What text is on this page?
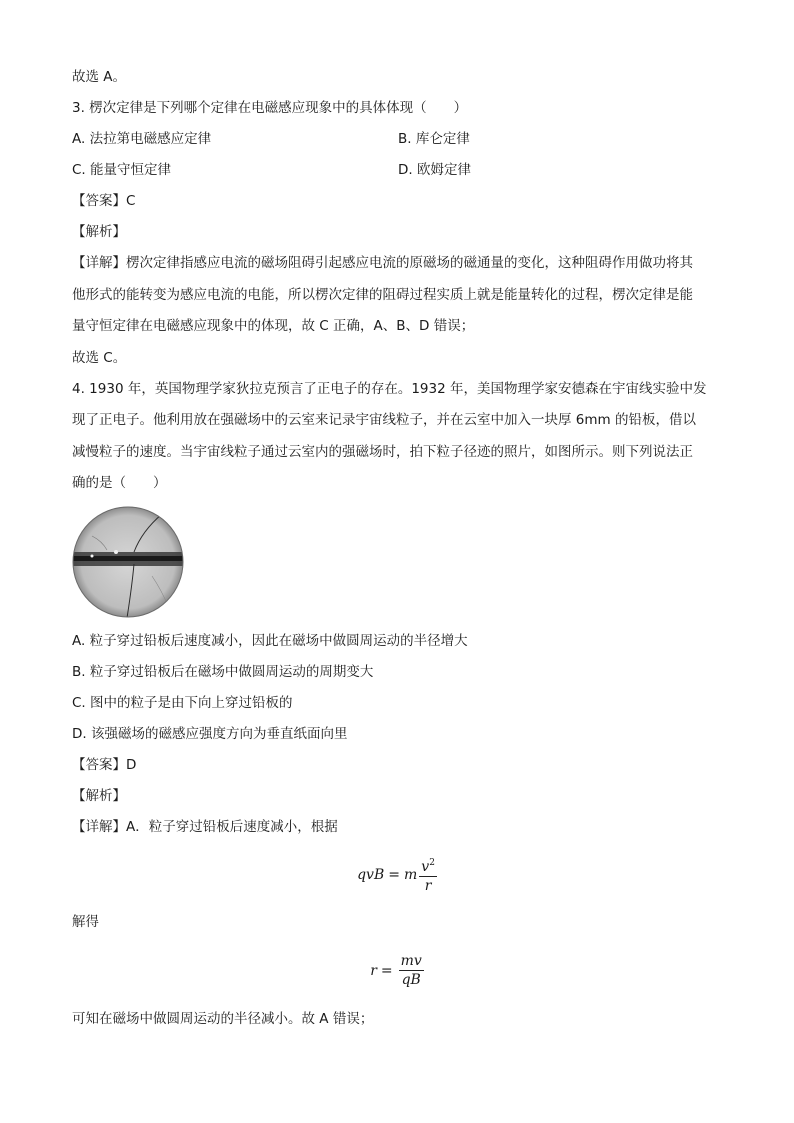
故选 A。
3. 楞次定律是下列哪个定律在电磁感应现象中的具体体现（　　）
A. 法拉第电磁感应定律	B. 库仑定律
C. 能量守恒定律	D. 欧姆定律
【答案】C
【解析】
【详解】楞次定律指感应电流的磁场阻碍引起感应电流的原磁场的磁通量的变化，这种阻碍作用做功将其
他形式的能转变为感应电流的电能，所以楞次定律的阻碍过程实质上就是能量转化的过程，楞次定律是能
量守恒定律在电磁感应现象中的体现，故 C 正确，A、B、D 错误；
故选 C。
4. 1930 年，英国物理学家狄拉克预言了正电子的存在。1932 年，美国物理学家安德森在宇宙线实验中发
现了正电子。他利用放在强磁场中的云室来记录宇宙线粒子，并在云室中加入一块厚 6mm 的铅板，借以
减慢粒子的速度。当宇宙线粒子通过云室内的强磁场时，拍下粒子径迹的照片，如图所示。则下列说法正
确的是（　　）
A. 粒子穿过铅板后速度减小，因此在磁场中做圆周运动的半径增大
B. 粒子穿过铅板后在磁场中做圆周运动的周期变大
C. 图中的粒子是由下向上穿过铅板的
D. 该强磁场的磁感应强度方向为垂直纸面向里
【答案】D
【解析】
【详解】A．粒子穿过铅板后速度减小，根据
qvB = m $\frac{v^2}{r}$
解得
$r = \frac{mv}{qB}$
可知在磁场中做圆周运动的半径减小。故 A 错误；
